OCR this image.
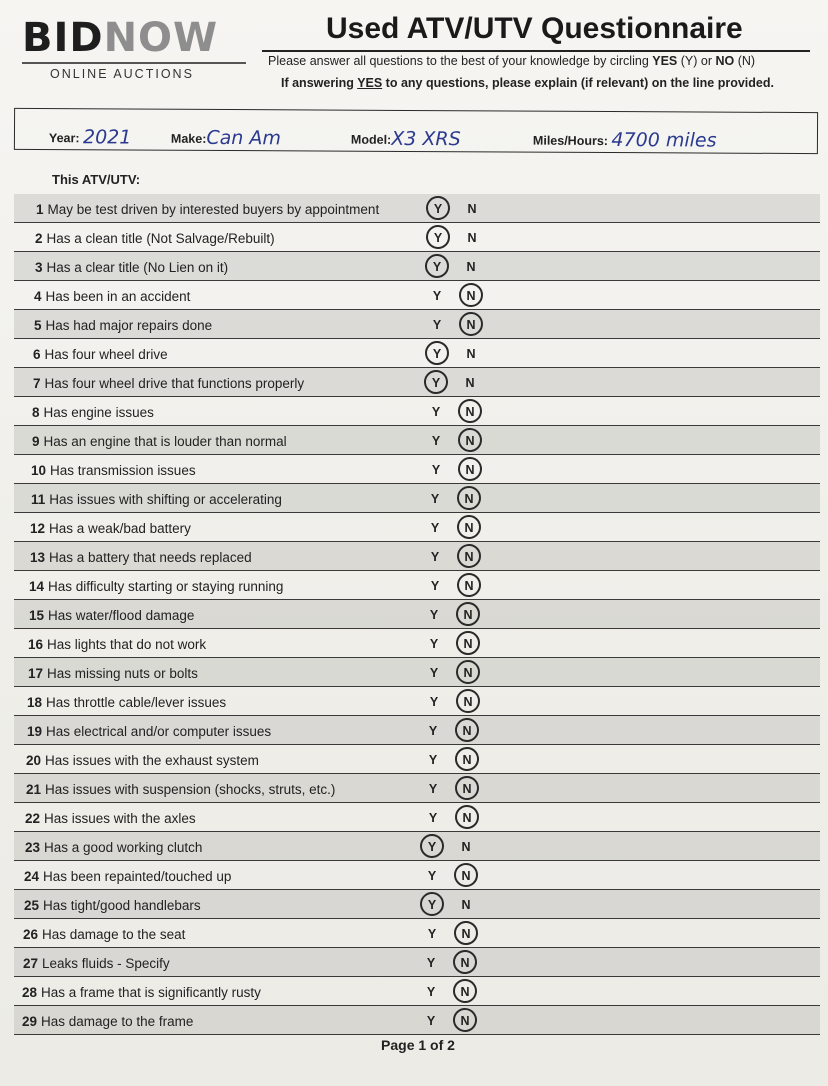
BIDNOW
ONLINE AUCTIONS
Used ATV/UTV Questionnaire
Please answer all questions to the best of your knowledge by circling YES (Y) or NO (N)
If answering YES to any questions, please explain (if relevant) on the line provided.
Year: 2021	Make:Can Am	Model:X3 XRS	Miles/Hours: 4700 miles
This ATV/UTV:
1 May be test driven by interested buyers by appointment	Y N
2 Has a clean title (Not Salvage/Rebuilt)	Y N
3 Has a clear title (No Lien on it)	Y N
4 Has been in an accident	Y N
5 Has had major repairs done	Y N
6 Has four wheel drive	Y N
7 Has four wheel drive that functions properly	Y N
8 Has engine issues	Y N
9 Has an engine that is louder than normal	Y N
10 Has transmission issues	Y N
11 Has issues with shifting or accelerating	Y N
12 Has a weak/bad battery	Y N
13 Has a battery that needs replaced	Y N
14 Has difficulty starting or staying running	Y N
15 Has water/flood damage	Y N
16 Has lights that do not work	Y N
17 Has missing nuts or bolts	Y N
18 Has throttle cable/lever issues	Y N
19 Has electrical and/or computer issues	Y N
20 Has issues with the exhaust system	Y N
21 Has issues with suspension (shocks, struts, etc.)	Y N
22 Has issues with the axles	Y N
23 Has a good working clutch	Y N
24 Has been repainted/touched up	Y N
25 Has tight/good handlebars	Y N
26 Has damage to the seat	Y N
27 Leaks fluids - Specify	Y N
28 Has a frame that is significantly rusty	Y N
29 Has damage to the frame	Y N
Page 1 of 2
